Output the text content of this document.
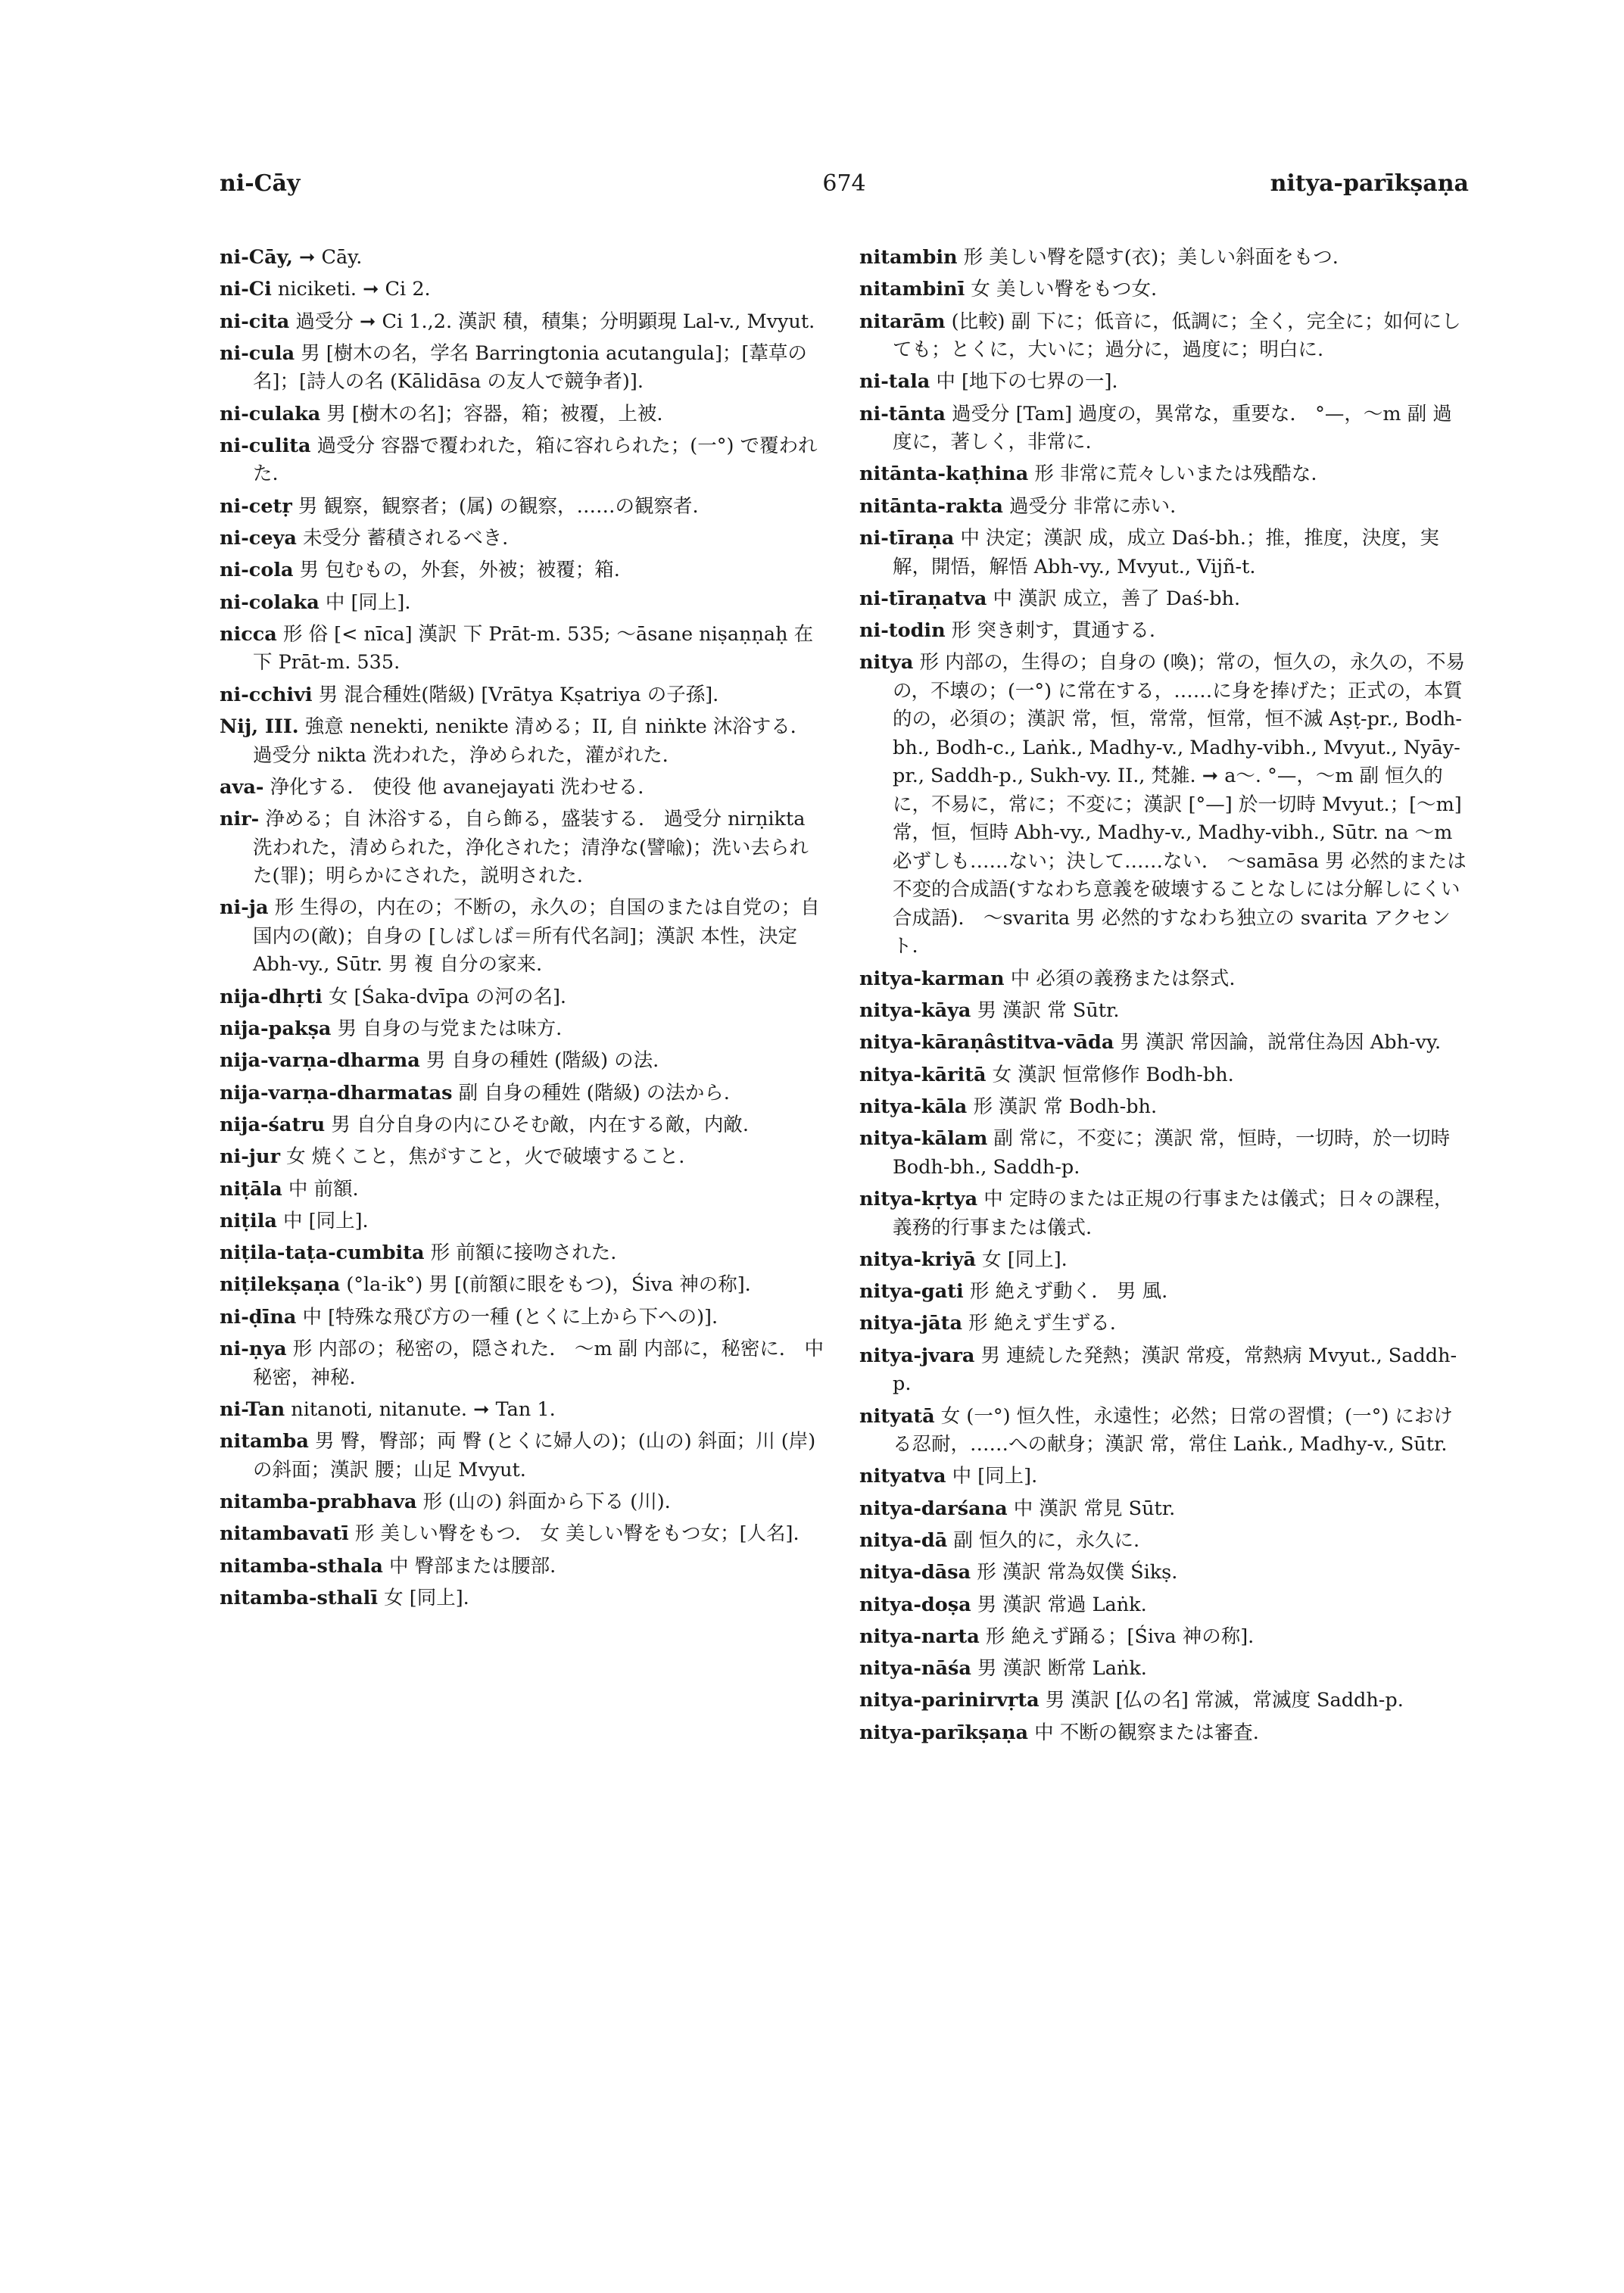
ni-Cāy	674	nitya-parīkṣaṇa

ni-Cāy, ➞ Cāy.

ni-Ci niciketi. ➞ Ci 2.

ni-cita 過受分 ➞ Ci 1.,2. 漢訳 積，積集；分明顕現 Lal-v., Mvyut.

ni-cula 男 [樹木の名，学名 Barringtonia acutangula]；[葦草の名]；[詩人の名 (Kālidāsa の友人で競争者)].

ni-culaka 男 [樹木の名]；容器，箱；被覆，上被.

ni-culita 過受分 容器で覆われた，箱に容れられた；(一°) で覆われた.

ni-cetṛ 男 観察，観察者；(属) の観察，……の観察者.

ni-ceya 未受分 蓄積されるべき.

ni-cola 男 包むもの，外套，外被；被覆；箱.

ni-colaka 中 [同上].

nicca 形 俗 [< nīca] 漢訳 下 Prāt-m. 535; ～āsane niṣaṇṇaḥ 在下 Prāt-m. 535.

ni-cchivi 男 混合種姓(階級) [Vrātya Kṣatriya の子孫].

Nij, III. 強意 nenekti, nenikte 清める；II, 自 niṅkte 沐浴する． 過受分 nikta 洗われた，浄められた，灌がれた．

ava- 浄化する． 使役 他 avanejayati 洗わせる．

nir- 浄める；自 沐浴する，自ら飾る，盛装する． 過受分 nirṇikta 洗われた，清められた，浄化された；清浄な(譬喩)；洗い去られた(罪)；明らかにされた，説明された．

ni-ja 形 生得の，内在の；不断の，永久の；自国のまたは自党の；自国内の(敵)；自身の [しばしば＝所有代名詞]；漢訳 本性，決定 Abh-vy., Sūtr. 男 複 自分の家来.

nija-dhṛti 女 [Śaka-dvīpa の河の名].

nija-pakṣa 男 自身の与党または味方.

nija-varṇa-dharma 男 自身の種姓 (階級) の法.

nija-varṇa-dharmatas 副 自身の種姓 (階級) の法から.

nija-śatru 男 自分自身の内にひそむ敵，内在する敵，内敵.

ni-jur 女 焼くこと，焦がすこと，火で破壊すること.

niṭāla 中 前額.

niṭila 中 [同上].

niṭila-taṭa-cumbita 形 前額に接吻された.

niṭilekṣaṇa (°la-ik°) 男 [(前額に眼をもつ)，Śiva 神の称].

ni-ḍīna 中 [特殊な飛び方の一種 (とくに上から下への)].

ni-ṇya 形 内部の；秘密の，隠された． ～m 副 内部に，秘密に． 中 秘密，神秘.

ni-Tan nitanoti, nitanute. ➞ Tan 1.

nitamba 男 臀，臀部；両 臀 (とくに婦人の)；(山の) 斜面；川 (岸) の斜面；漢訳 腰；山足 Mvyut.

nitamba-prabhava 形 (山の) 斜面から下る (川).

nitambavatī 形 美しい臀をもつ． 女 美しい臀をもつ女；[人名].

nitamba-sthala 中 臀部または腰部.

nitamba-sthalī 女 [同上].

nitambin 形 美しい臀を隠す(衣)；美しい斜面をもつ.

nitambinī 女 美しい臀をもつ女.

nitarām (比較) 副 下に；低音に，低調に；全く，完全に；如何にしても；とくに，大いに；過分に，過度に；明白に.

ni-tala 中 [地下の七界の一].

ni-tānta 過受分 [Tam] 過度の，異常な，重要な． °—，～m 副 過度に，著しく，非常に.

nitānta-kaṭhina 形 非常に荒々しいまたは残酷な.

nitānta-rakta 過受分 非常に赤い.

ni-tīraṇa 中 決定；漢訳 成，成立 Daś-bh.；推，推度，決度，実解，開悟，解悟 Abh-vy., Mvyut., Vijñ-t.

ni-tīraṇatva 中 漢訳 成立，善了 Daś-bh.

ni-todin 形 突き刺す，貫通する.

nitya 形 内部の，生得の；自身の (喚)；常の，恒久の，永久の，不易の，不壊の；(一°) に常在する，……に身を捧げた；正式の，本質的の，必須の；漢訳 常，恒，常常，恒常，恒不滅 Aṣṭ-pr., Bodh-bh., Bodh-c., Laṅk., Madhy-v., Madhy-vibh., Mvyut., Nyāy-pr., Saddh-p., Sukh-vy. II., 梵雑. ➞ a～. °—，～m 副 恒久的に，不易に，常に；不変に；漢訳 [°—] 於一切時 Mvyut.；[～m] 常，恒，恒時 Abh-vy., Madhy-v., Madhy-vibh., Sūtr. na ～m 必ずしも……ない；決して……ない． ～samāsa 男 必然的または不変的合成語(すなわち意義を破壊することなしには分解しにくい合成語)． ～svarita 男 必然的すなわち独立の svarita アクセント.

nitya-karman 中 必須の義務または祭式.

nitya-kāya 男 漢訳 常 Sūtr.

nitya-kāraṇâstitva-vāda 男 漢訳 常因論，説常住為因 Abh-vy.

nitya-kāritā 女 漢訳 恒常修作 Bodh-bh.

nitya-kāla 形 漢訳 常 Bodh-bh.

nitya-kālam 副 常に，不変に；漢訳 常，恒時，一切時，於一切時 Bodh-bh., Saddh-p.

nitya-kṛtya 中 定時のまたは正規の行事または儀式；日々の課程，義務的行事または儀式.

nitya-kriyā 女 [同上].

nitya-gati 形 絶えず動く． 男 風.

nitya-jāta 形 絶えず生ずる.

nitya-jvara 男 連続した発熱；漢訳 常疫，常熱病 Mvyut., Saddh-p.

nityatā 女 (一°) 恒久性，永遠性；必然；日常の習慣；(一°) における忍耐，……への献身；漢訳 常，常住 Laṅk., Madhy-v., Sūtr.

nityatva 中 [同上].

nitya-darśana 中 漢訳 常見 Sūtr.

nitya-dā 副 恒久的に，永久に.

nitya-dāsa 形 漢訳 常為奴僕 Śikṣ.

nitya-doṣa 男 漢訳 常過 Laṅk.

nitya-narta 形 絶えず踊る；[Śiva 神の称].

nitya-nāśa 男 漢訳 断常 Laṅk.

nitya-parinirvṛta 男 漢訳 [仏の名] 常滅，常滅度 Saddh-p.

nitya-parīkṣaṇa 中 不断の観察または審査.
